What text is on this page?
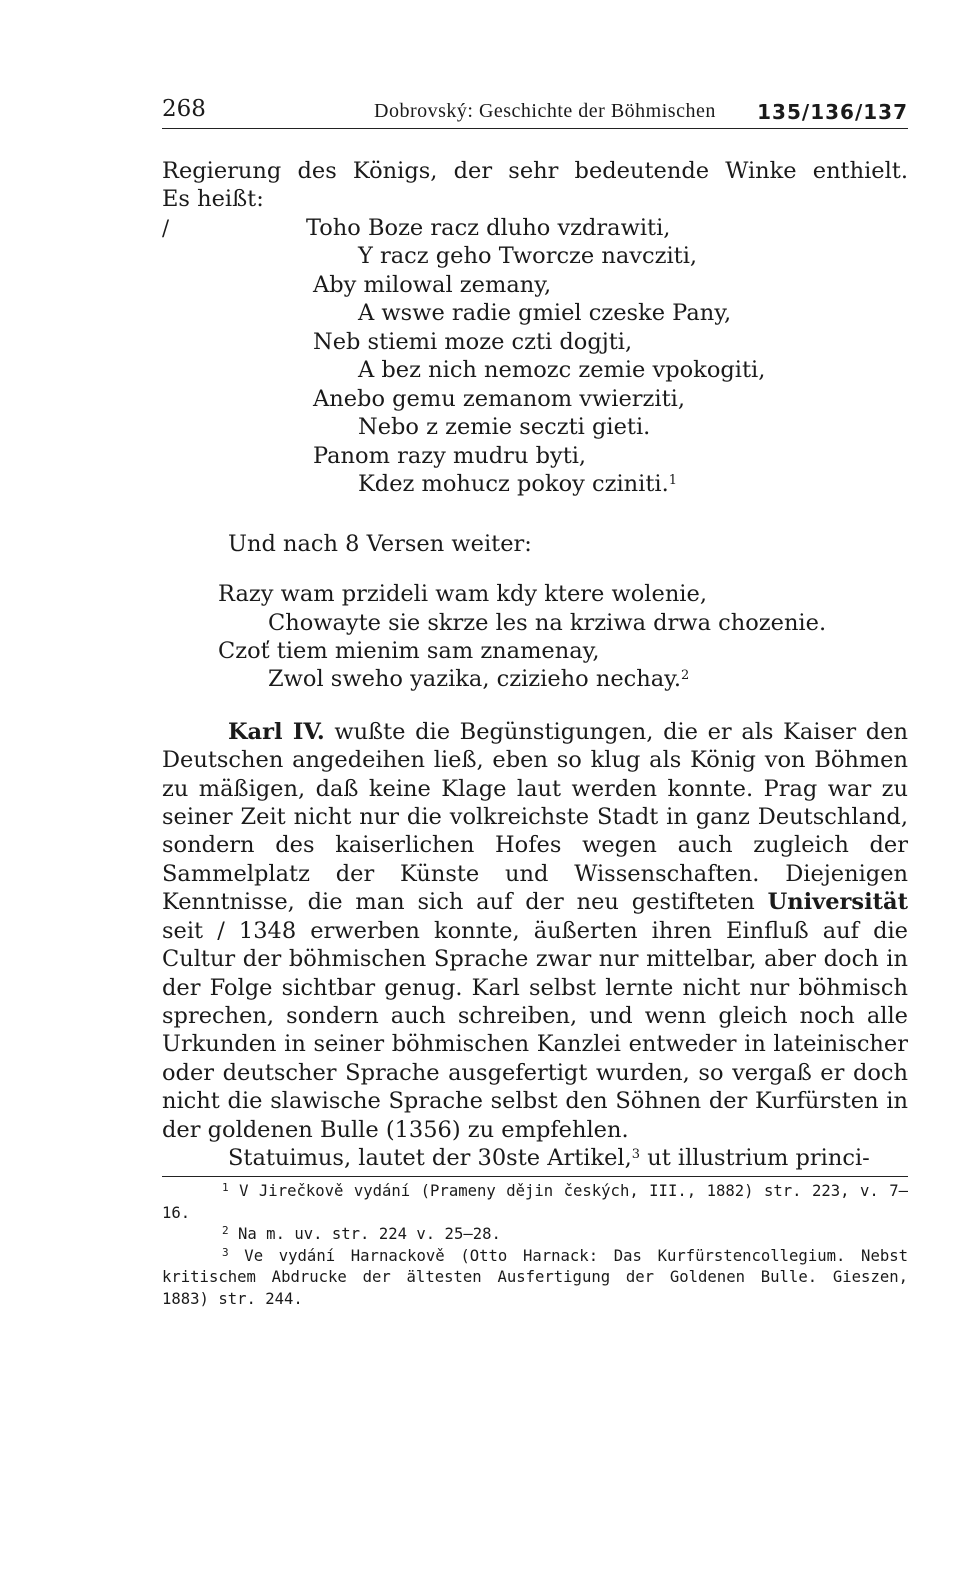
268	Dobrovský: Geschichte der Böhmischen 135/136/137
Regierung des Königs, der sehr bedeutende Winke enthielt.
Es heißt:
/	Toho Boze racz dluho vzdrawiti,
Y racz geho Tworcze navcziti,
Aby milowal zemany,
A wswe radie gmiel czeske Pany,
Neb stiemi moze czti dogjti,
A bez nich nemozc zemie vpokogiti,
Anebo gemu zemanom vwierziti,
Nebo z zemie seczti gieti.
Panom razy mudru byti,
Kdez mohucz pokoy cziniti.$^1$
Und nach 8 Versen weiter:
Razy wam przideli wam kdy ktere wolenie,
Chowayte sie skrze les na krziwa drwa chozenie.
Czoť tiem mienim sam znamenay,
Zwol sweho yazika, czizieho nechay.$^2$
Karl IV. wußte die Begünstigungen, die er als Kaiser den Deutschen angedeihen ließ, eben so klug als König von Böhmen zu mäßigen, daß keine Klage laut werden konnte. Prag war zu seiner Zeit nicht nur die volkreichste Stadt in ganz Deutschland, sondern des kaiserlichen Hofes wegen auch zugleich der Sammelplatz der Künste und Wissenschaften. Diejenigen Kenntnisse, die man sich auf der neu gestifteten Universität seit / 1348 erwerben konnte, äußerten ihren Einfluß auf die Cultur der böhmischen Sprache zwar nur mittelbar, aber doch in der Folge sichtbar genug. Karl selbst lernte nicht nur böhmisch sprechen, sondern auch schreiben, und wenn gleich noch alle Urkunden in seiner böhmischen Kanzlei entweder in lateinischer oder deutscher Sprache ausgefertigt wurden, so vergaß er doch nicht die slawische Sprache selbst den Söhnen der Kurfürsten in der goldenen Bulle (1356) zu empfehlen.
Statuimus, lautet der 30ste Artikel,$^3$ ut illustrium princi-
$^1$ V Jirečkově vydání (Prameny dějin českých, III., 1882) str. 223, v. 7—16.
$^2$ Na m. uv. str. 224 v. 25—28.
$^3$ Ve vydání Harnackově (Otto Harnack: Das Kurfürstencollegium. Nebst kritischem Abdrucke der ältesten Ausfertigung der Goldenen Bulle. Gieszen, 1883) str. 244.
